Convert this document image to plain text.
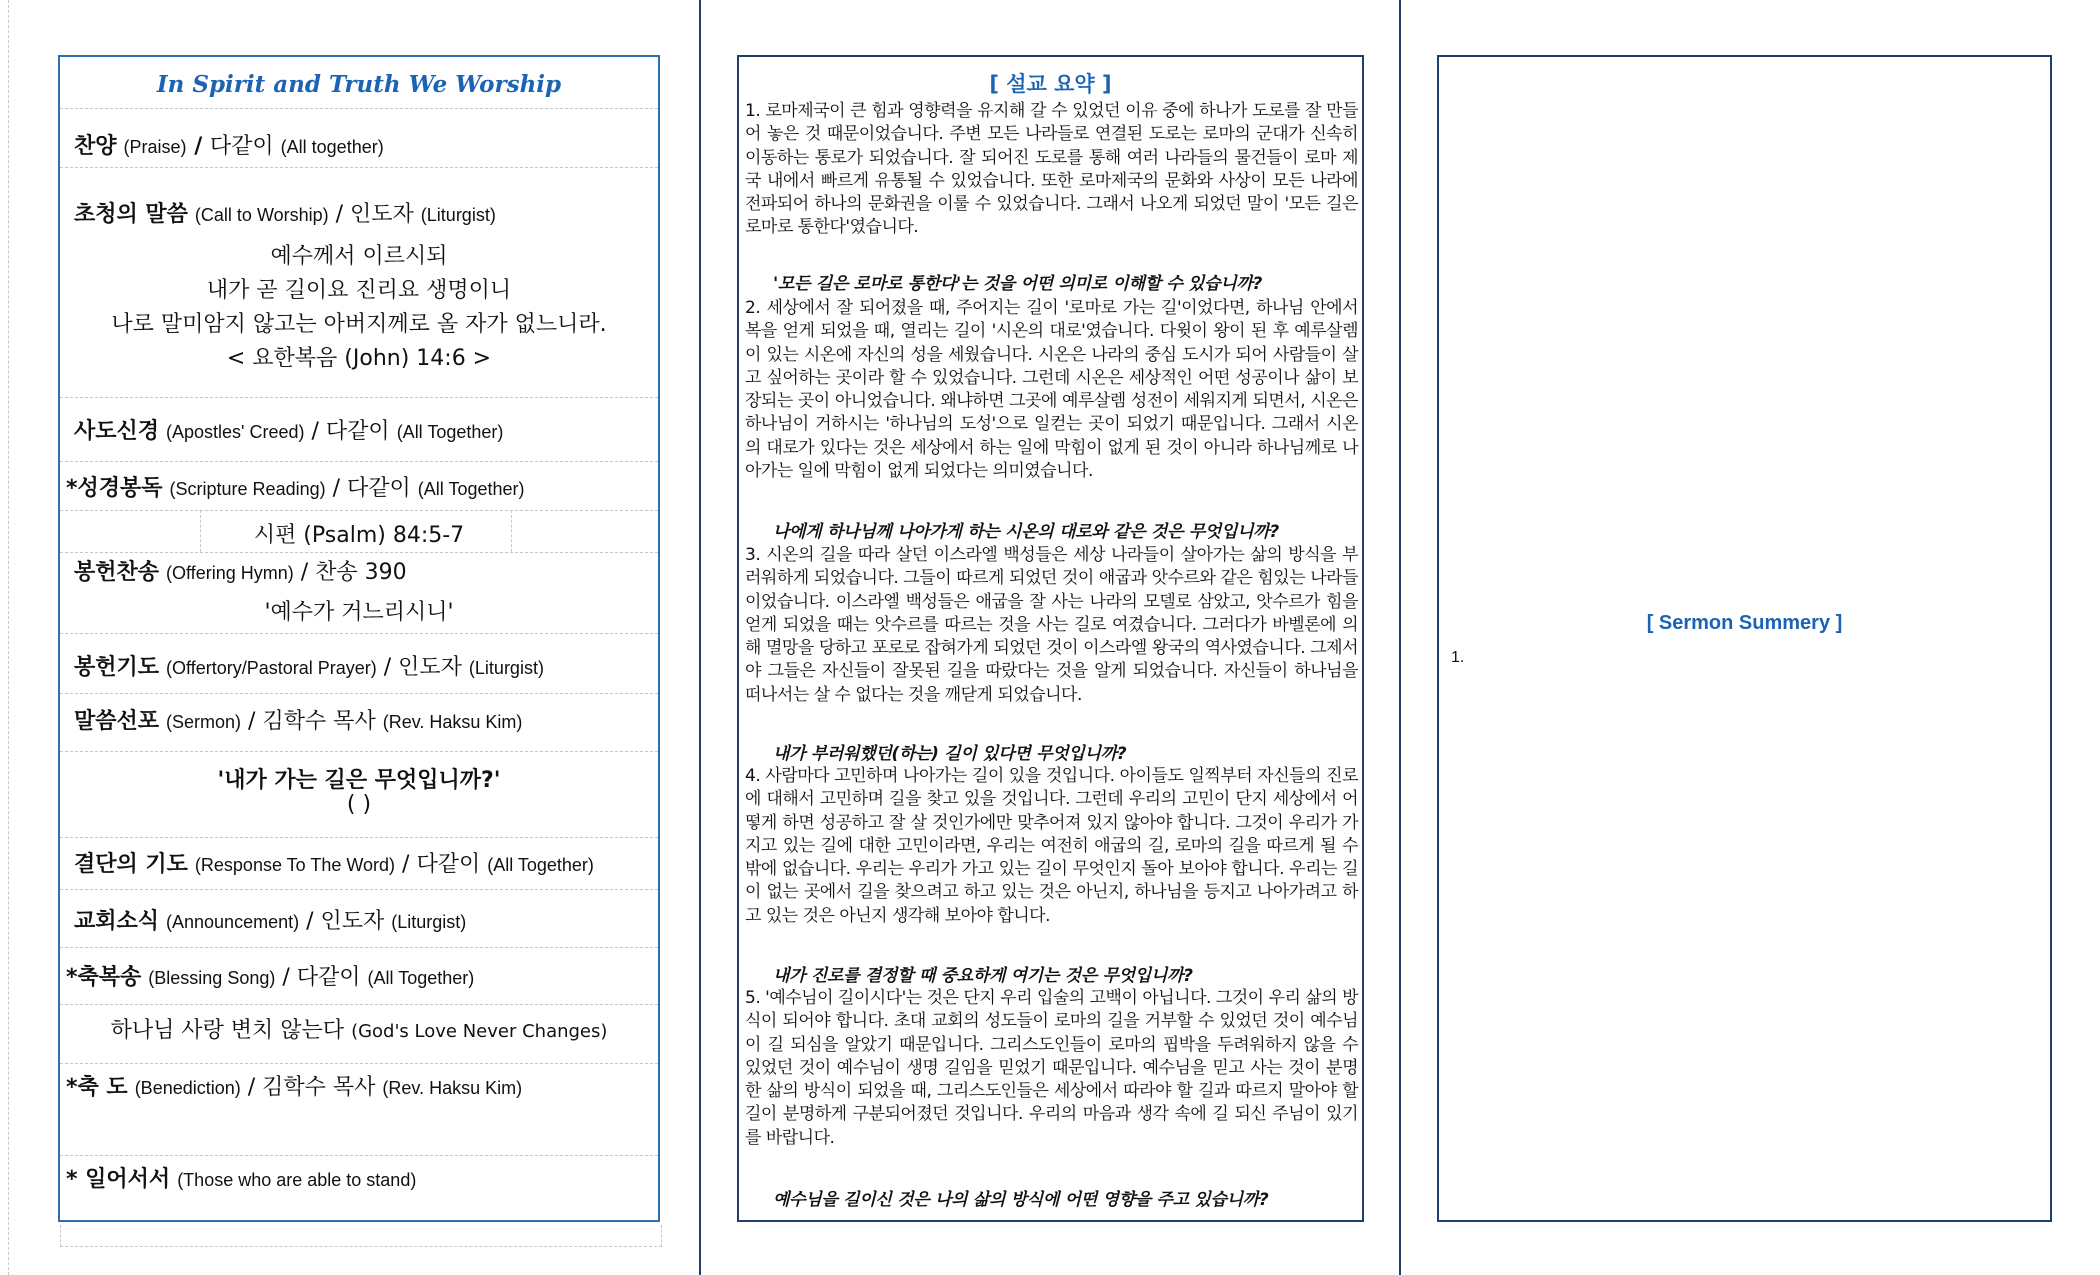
In Spirit and Truth We Worship
찬양 (Praise) / 다같이 (All together)
초청의 말씀 (Call to Worship) / 인도자 (Liturgist)
예수께서 이르시되
내가 곧 길이요 진리요 생명이니
나로 말미암지 않고는 아버지께로 올 자가 없느니라.
< 요한복음 (John) 14:6 >
사도신경 (Apostles' Creed) / 다같이 (All Together)
*성경봉독 (Scripture Reading) / 다같이 (All Together)
시편 (Psalm) 84:5-7
봉헌찬송 (Offering Hymn) / 찬송 390
'예수가 거느리시니'
봉헌기도 (Offertory/Pastoral Prayer) / 인도자 (Liturgist)
말씀선포 (Sermon) / 김학수 목사 (Rev. Haksu Kim)
'내가 가는 길은 무엇입니까?'
( )
결단의 기도 (Response To The Word) / 다같이 (All Together)
교회소식 (Announcement) / 인도자 (Liturgist)
*축복송 (Blessing Song) / 다같이 (All Together)
하나님 사랑 변치 않는다 (God's Love Never Changes)
*축 도 (Benediction) / 김학수 목사 (Rev. Haksu Kim)
* 일어서서 (Those who are able to stand)
[ 설교 요약 ]
1. 로마제국이 큰 힘과 영향력을 유지해 갈 수 있었던 이유 중에 하나가 도로를 잘 만들어 놓은 것 때문이었습니다. 주변 모든 나라들로 연결된 도로는 로마의 군대가 신속히 이동하는 통로가 되었습니다. 잘 되어진 도로를 통해 여러 나라들의 물건들이 로마 제국 내에서 빠르게 유통될 수 있었습니다. 또한 로마제국의 문화와 사상이 모든 나라에 전파되어 하나의 문화권을 이룰 수 있었습니다. 그래서 나오게 되었던 말이 '모든 길은 로마로 통한다'였습니다.
'모든 길은 로마로 통한다'는 것을 어떤 의미로 이해할 수 있습니까?
2. 세상에서 잘 되어졌을 때, 주어지는 길이 '로마로 가는 길'이었다면, 하나님 안에서 복을 얻게 되었을 때, 열리는 길이 '시온의 대로'였습니다. 다윗이 왕이 된 후 예루살렘이 있는 시온에 자신의 성을 세웠습니다. 시온은 나라의 중심 도시가 되어 사람들이 살고 싶어하는 곳이라 할 수 있었습니다. 그런데 시온은 세상적인 어떤 성공이나 삶이 보장되는 곳이 아니었습니다. 왜냐하면 그곳에 예루살렘 성전이 세워지게 되면서, 시온은 하나님이 거하시는 '하나님의 도성'으로 일컫는 곳이 되었기 때문입니다. 그래서 시온의 대로가 있다는 것은 세상에서 하는 일에 막힘이 없게 된 것이 아니라 하나님께로 나아가는 일에 막힘이 없게 되었다는 의미였습니다.
나에게 하나님께 나아가게 하는 시온의 대로와 같은 것은 무엇입니까?
3. 시온의 길을 따라 살던 이스라엘 백성들은 세상 나라들이 살아가는 삶의 방식을 부러워하게 되었습니다. 그들이 따르게 되었던 것이 애굽과 앗수르와 같은 힘있는 나라들이었습니다. 이스라엘 백성들은 애굽을 잘 사는 나라의 모델로 삼았고, 앗수르가 힘을 얻게 되었을 때는 앗수르를 따르는 것을 사는 길로 여겼습니다. 그러다가 바벨론에 의해 멸망을 당하고 포로로 잡혀가게 되었던 것이 이스라엘 왕국의 역사였습니다. 그제서야 그들은 자신들이 잘못된 길을 따랐다는 것을 알게 되었습니다. 자신들이 하나님을 떠나서는 살 수 없다는 것을 깨닫게 되었습니다.
내가 부러워했던(하는) 길이 있다면 무엇입니까?
4. 사람마다 고민하며 나아가는 길이 있을 것입니다. 아이들도 일찍부터 자신들의 진로에 대해서 고민하며 길을 찾고 있을 것입니다. 그런데 우리의 고민이 단지 세상에서 어떻게 하면 성공하고 잘 살 것인가에만 맞추어져 있지 않아야 합니다. 그것이 우리가 가지고 있는 길에 대한 고민이라면, 우리는 여전히 애굽의 길, 로마의 길을 따르게 될 수밖에 없습니다. 우리는 우리가 가고 있는 길이 무엇인지 돌아 보아야 합니다. 우리는 길이 없는 곳에서 길을 찾으려고 하고 있는 것은 아닌지, 하나님을 등지고 나아가려고 하고 있는 것은 아닌지 생각해 보아야 합니다.
내가 진로를 결정할 때 중요하게 여기는 것은 무엇입니까?
5. '예수님이 길이시다'는 것은 단지 우리 입술의 고백이 아닙니다. 그것이 우리 삶의 방식이 되어야 합니다. 초대 교회의 성도들이 로마의 길을 거부할 수 있었던 것이 예수님이 길 되심을 알았기 때문입니다. 그리스도인들이 로마의 핍박을 두려워하지 않을 수 있었던 것이 예수님이 생명 길임을 믿었기 때문입니다. 예수님을 믿고 사는 것이 분명한 삶의 방식이 되었을 때, 그리스도인들은 세상에서 따라야 할 길과 따르지 말아야 할 길이 분명하게 구분되어졌던 것입니다. 우리의 마음과 생각 속에 길 되신 주님이 있기를 바랍니다.
예수님을 길이신 것은 나의 삶의 방식에 어떤 영향을 주고 있습니까?
[ Sermon Summery ]
1.
